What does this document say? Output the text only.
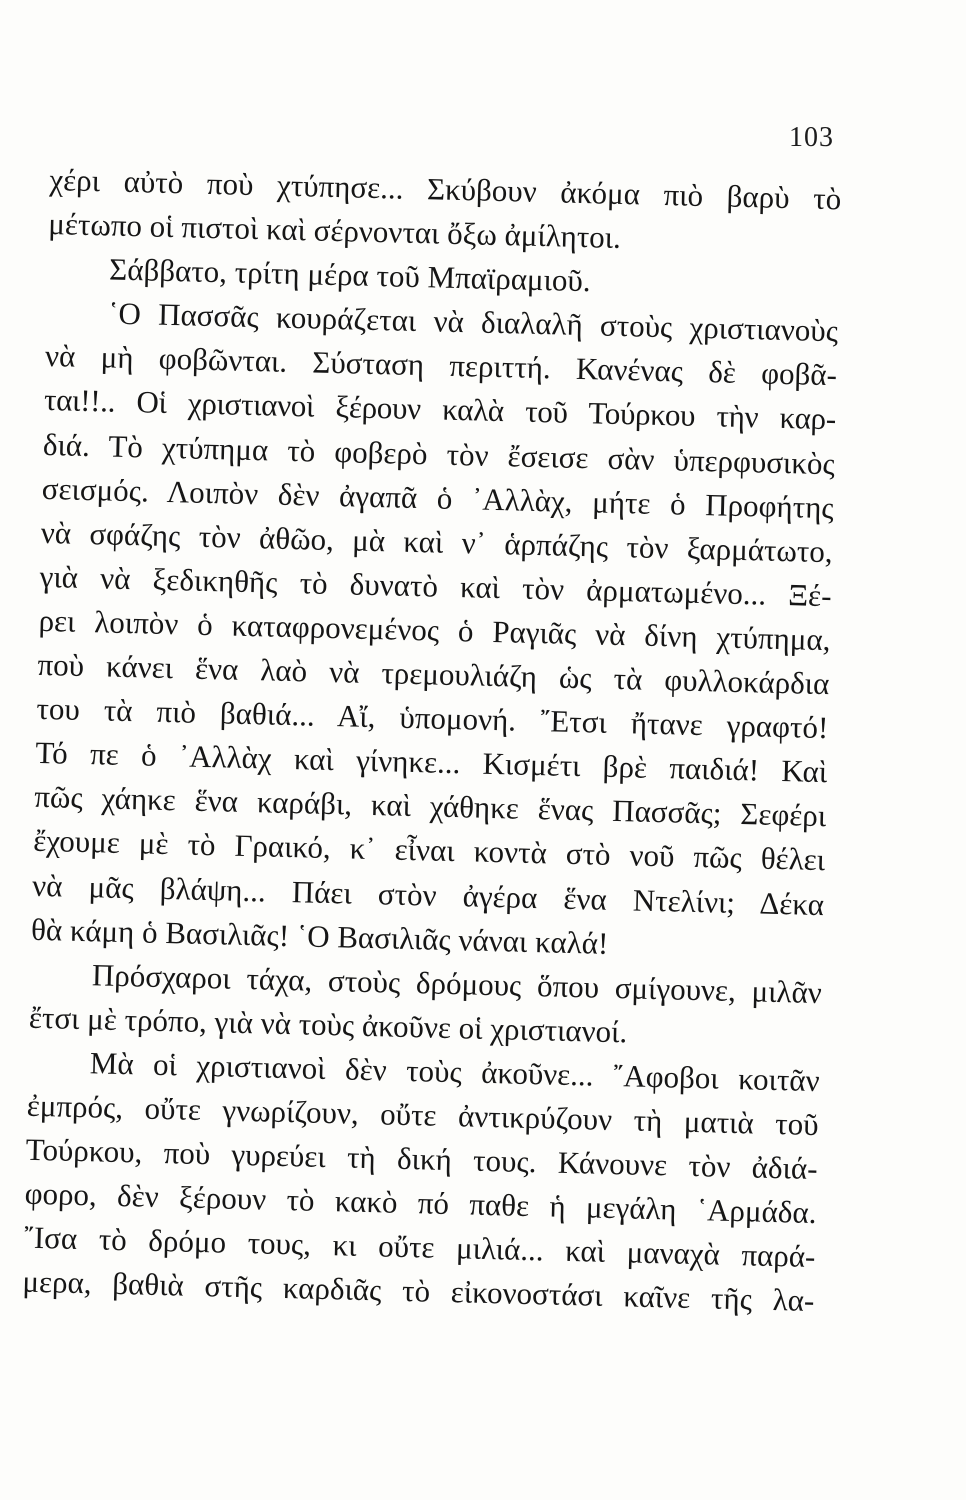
103
χέρι αὐτὸ ποὺ χτύπησε... Σκύβουν ἀκόμα πιὸ βαρὺ τὸ
μέτωπο οἱ πιστοὶ καὶ σέρνονται ὄξω ἀμίλητοι.
Σάββατο, τρίτη μέρα τοῦ Μπαϊραμιοῦ.
῾Ο Πασσᾶς κουράζεται νὰ διαλαλῆ στοὺς χριστιανοὺς
νὰ μὴ φοβῶνται. Σύσταση περιττή. Κανένας δὲ φοβᾶ-
ται!!.. Οἱ χριστιανοὶ ξέρουν καλὰ τοῦ Τούρκου τὴν καρ-
διά. Τὸ χτύπημα τὸ φοβερὸ τὸν ἔσεισε σὰν ὑπερφυσικὸς
σεισμός. Λοιπὸν δὲν ἀγαπᾶ ὁ ᾿Αλλὰχ, μήτε ὁ Προφήτης
νὰ σφάζης τὸν ἀθῶο, μὰ καὶ ν᾿ ἁρπάζης τὸν ξαρμάτωτο,
γιὰ νὰ ξεδικηθῆς τὸ δυνατὸ καὶ τὸν ἀρματωμένο... Ξέ-
ρει λοιπὸν ὁ καταφρονεμένος ὁ Ραγιᾶς νὰ δίνη χτύπημα,
ποὺ κάνει ἕνα λαὸ νὰ τρεμουλιάζη ὡς τὰ φυλλοκάρδια
του τὰ πιὸ βαθιά... Αἴ, ὑπομονή. ῎Ετσι ἤτανε γραφτό!
Τό πε ὁ ᾿Αλλὰχ καὶ γίνηκε... Κισμέτι βρὲ παιδιά! Καὶ
πῶς χάηκε ἕνα καράβι, καὶ χάθηκε ἕνας Πασσᾶς; Σεφέρι
ἔχουμε μὲ τὸ Γραικό, κ᾿ εἶναι κοντὰ στὸ νοῦ πῶς θέλει
νὰ μᾶς βλάψη... Πάει στὸν ἀγέρα ἕνα Ντελίνι; Δέκα
θὰ κάμη ὁ Βασιλιᾶς! ῾Ο Βασιλιᾶς νάναι καλά!
Πρόσχαροι τάχα, στοὺς δρόμους ὅπου σμίγουνε, μιλᾶν
ἔτσι μὲ τρόπο, γιὰ νὰ τοὺς ἀκοῦνε οἱ χριστιανοί.
Μὰ οἱ χριστιανοὶ δὲν τοὺς ἀκοῦνε... ῎Αφοβοι κοιτᾶν
ἐμπρός, οὔτε γνωρίζουν, οὔτε ἀντικρύζουν τὴ ματιὰ τοῦ
Τούρκου, ποὺ γυρεύει τὴ δική τους. Κάνουνε τὸν ἀδιά-
φορο, δὲν ξέρουν τὸ κακὸ πό παθε ἡ μεγάλη ῾Αρμάδα.
῎Ισα τὸ δρόμο τους, κι οὔτε μιλιά... καὶ μαναχὰ παρά-
μερα, βαθιὰ στῆς καρδιᾶς τὸ εἰκονοστάσι καῖνε τῆς λα-
